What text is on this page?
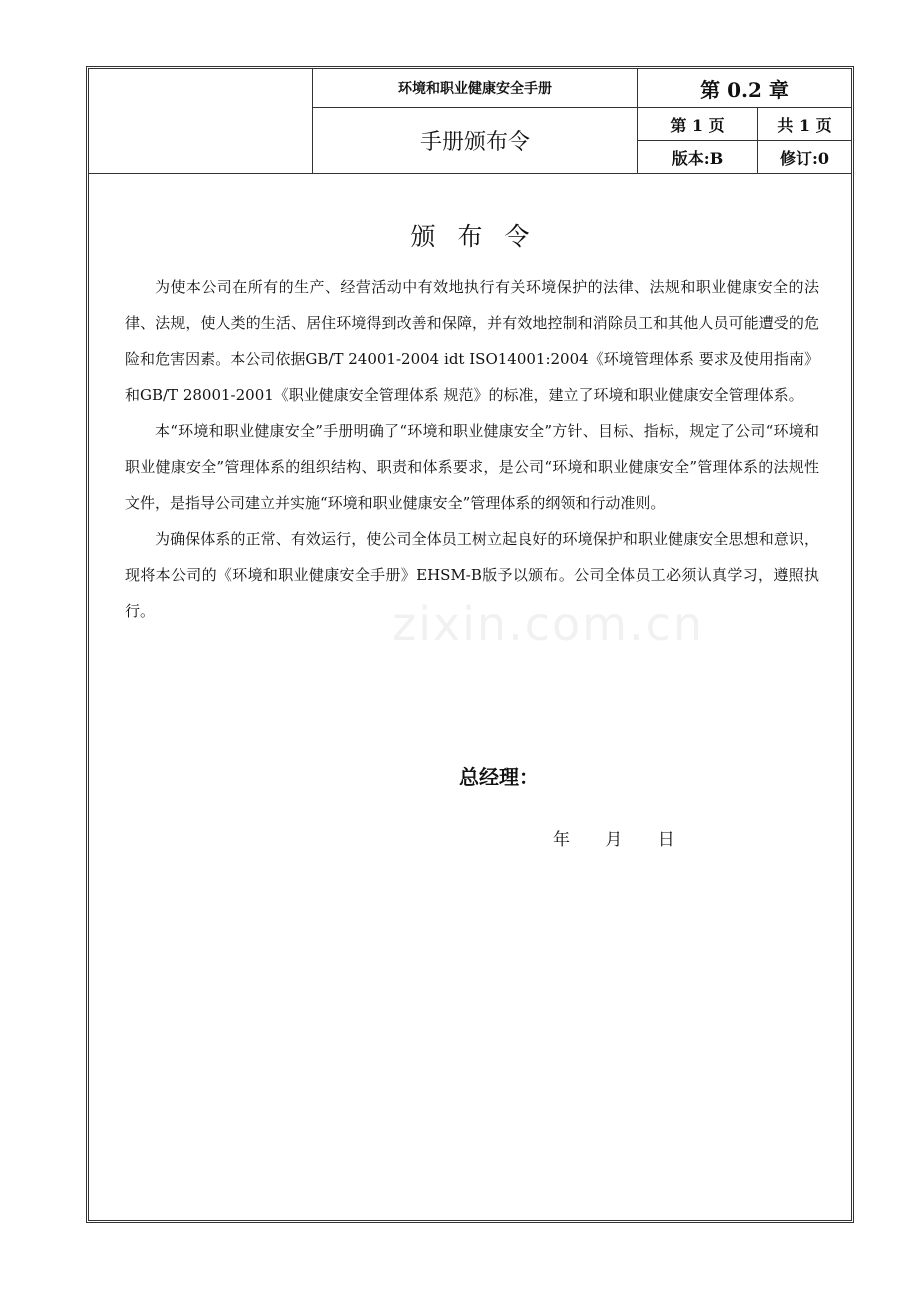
环境和职业健康安全手册
手册颁布令
第 0.2 章
第 1 页	共 1 页
版本:B	修订:0
颁布令

为使本公司在所有的生产、经营活动中有效地执行有关环境保护的法律、法规和职业健康安全的法律、法规，使人类的生活、居住环境得到改善和保障，并有效地控制和消除员工和其他人员可能遭受的危险和危害因素。本公司依据GB/T 24001-2004 idt ISO14001:2004《环境管理体系 要求及使用指南》和GB/T 28001-2001《职业健康安全管理体系 规范》的标准，建立了环境和职业健康安全管理体系。

本“环境和职业健康安全”手册明确了“环境和职业健康安全”方针、目标、指标，规定了公司“环境和职业健康安全”管理体系的组织结构、职责和体系要求，是公司“环境和职业健康安全”管理体系的法规性文件，是指导公司建立并实施“环境和职业健康安全”管理体系的纲领和行动准则。

为确保体系的正常、有效运行，使公司全体员工树立起良好的环境保护和职业健康安全思想和意识，现将本公司的《环境和职业健康安全手册》EHSM-B版予以颁布。公司全体员工必须认真学习，遵照执行。	zixin.com.cn
总经理：
年 月 日
